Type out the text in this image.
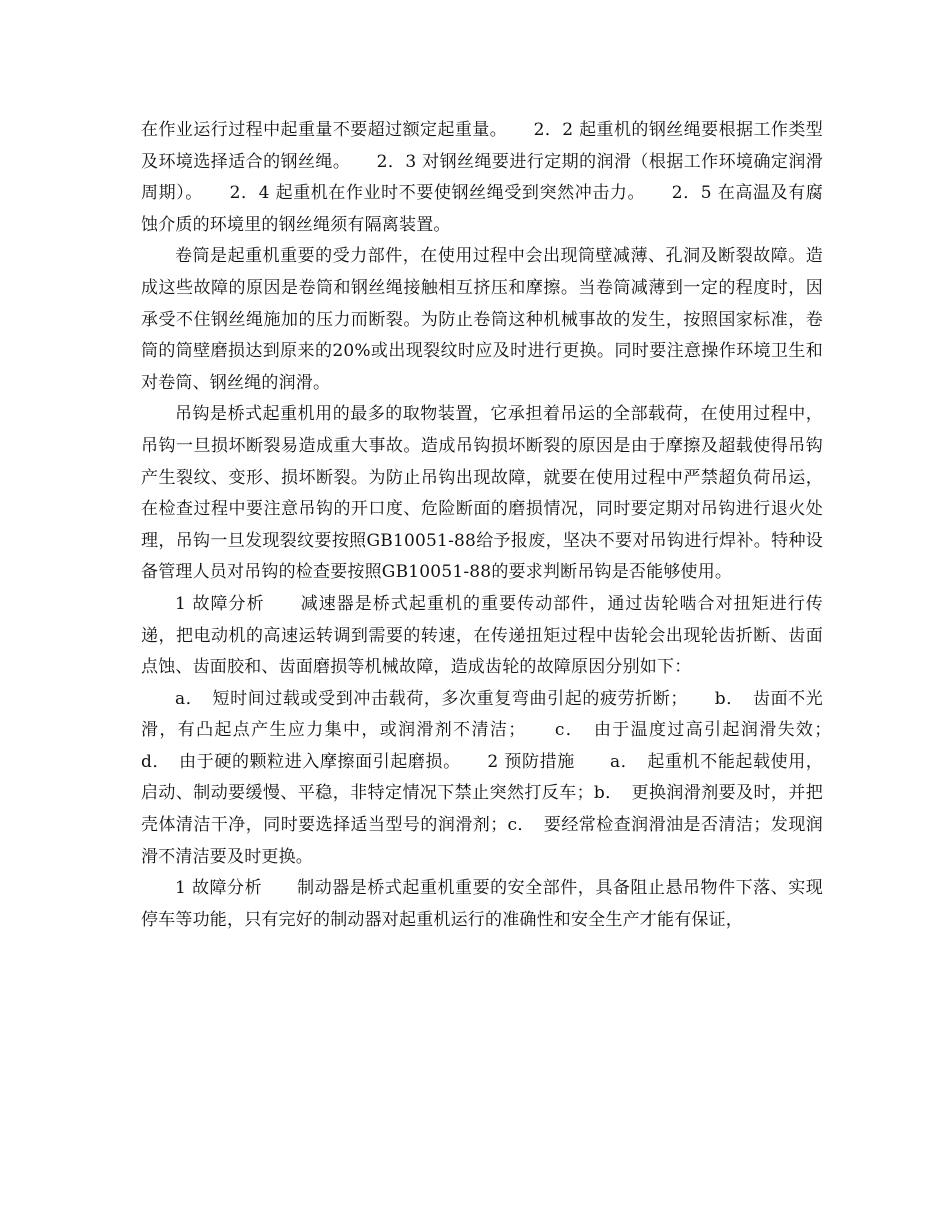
在作业运行过程中起重量不要超过额定起重量。　　2．2 起重机的钢丝绳要根据工作类型及环境选择适合的钢丝绳。　　2．3 对钢丝绳要进行定期的润滑（根据工作环境确定润滑周期）。　　2．4 起重机在作业时不要使钢丝绳受到突然冲击力。　　2．5 在高温及有腐蚀介质的环境里的钢丝绳须有隔离装置。

卷筒是起重机重要的受力部件，在使用过程中会出现筒壁减薄、孔洞及断裂故障。造成这些故障的原因是卷筒和钢丝绳接触相互挤压和摩擦。当卷筒减薄到一定的程度时，因承受不住钢丝绳施加的压力而断裂。为防止卷筒这种机械事故的发生，按照国家标准，卷筒的筒壁磨损达到原来的20%或出现裂纹时应及时进行更换。同时要注意操作环境卫生和对卷筒、钢丝绳的润滑。

吊钩是桥式起重机用的最多的取物装置，它承担着吊运的全部载荷，在使用过程中，吊钩一旦损坏断裂易造成重大事故。造成吊钩损坏断裂的原因是由于摩擦及超载使得吊钩产生裂纹、变形、损坏断裂。为防止吊钩出现故障，就要在使用过程中严禁超负荷吊运，在检查过程中要注意吊钩的开口度、危险断面的磨损情况，同时要定期对吊钩进行退火处理，吊钩一旦发现裂纹要按照GB10051-88给予报废，坚决不要对吊钩进行焊补。特种设备管理人员对吊钩的检查要按照GB10051-88的要求判断吊钩是否能够使用。

1 故障分析　　减速器是桥式起重机的重要传动部件，通过齿轮啮合对扭矩进行传递，把电动机的高速运转调到需要的转速，在传递扭矩过程中齿轮会出现轮齿折断、齿面点蚀、齿面胶和、齿面磨损等机械故障，造成齿轮的故障原因分别如下：

a．　短时间过载或受到冲击载荷，多次重复弯曲引起的疲劳折断；　　b．　齿面不光滑，有凸起点产生应力集中，或润滑剂不清洁；　　c．　由于温度过高引起润滑失效；　　d．　由于硬的颗粒进入摩擦面引起磨损。　　2 预防措施　　a．　起重机不能起载使用，启动、制动要缓慢、平稳，非特定情况下禁止突然打反车；b．　更换润滑剂要及时，并把壳体清洁干净，同时要选择适当型号的润滑剂；c．　要经常检查润滑油是否清洁；发现润滑不清洁要及时更换。

1 故障分析　　制动器是桥式起重机重要的安全部件，具备阻止悬吊物件下落、实现停车等功能，只有完好的制动器对起重机运行的准确性和安全生产才能有保证，
